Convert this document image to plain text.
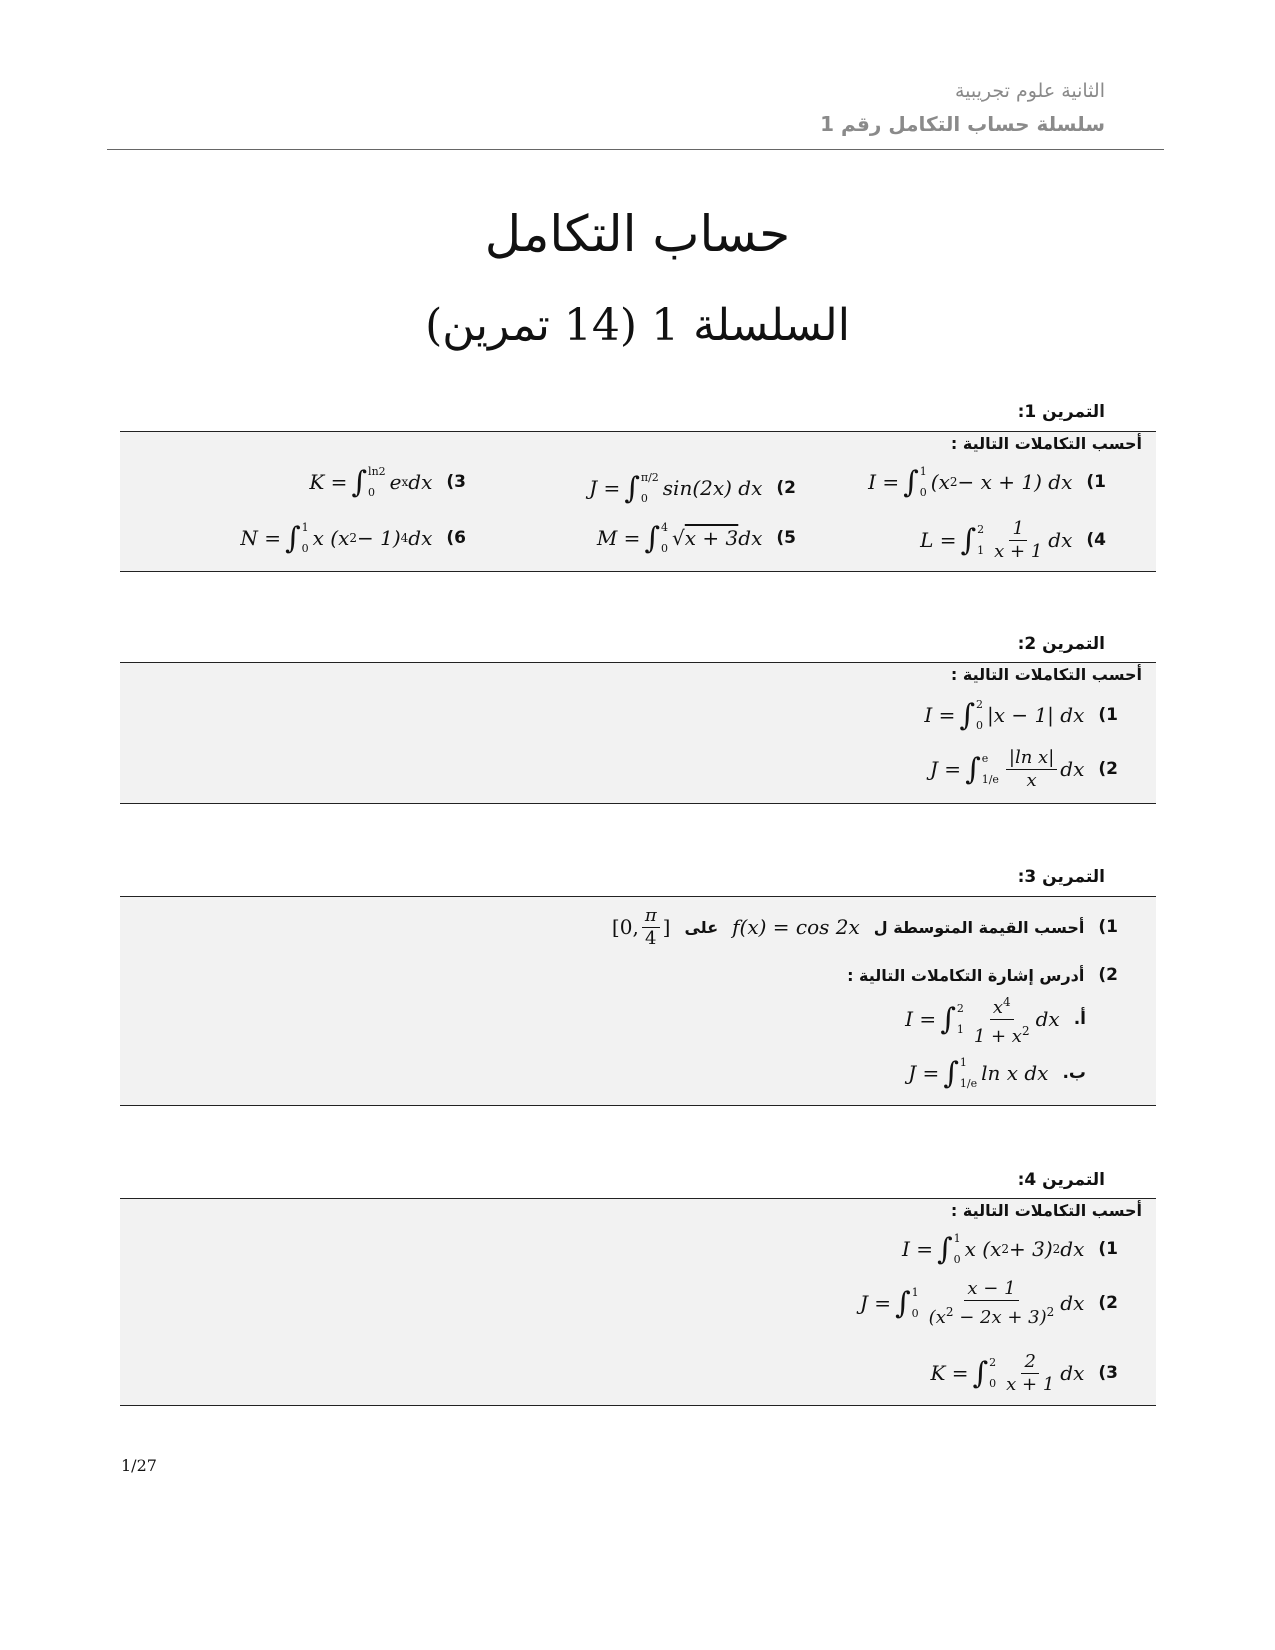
الثانية علوم تجريبية
سلسلة حساب التكامل رقم 1
حساب التكامل
السلسلة 1 (14 تمرين)
التمرين 1:
أحسب التكاملات التالية :
1)
I = ∫ 1
0 (x 2 − x + 1) dx
2)
J = ∫ π/2
0 sin(2x) dx
3)
K = ∫ ln2
0 e x dx
4)
L = ∫ 2
$1 \frac{1}{x + 1}$ dx
5)
M = ∫ 4
0 √ x + 3 dx
6)
N = ∫ 1
0 x (x 2 − 1) 4 dx
التمرين 2:
أحسب التكاملات التالية :
1)
I = ∫ 2
0 |x − 1| dx
2)
J = ∫ e
$1/e \frac{\text{|ln x|}}{x}$ dx
التمرين 3:
1)
أحسب القيمة المتوسطة ل
f(x) = cos 2x
على
[0, $\frac{\pi}{4}$ ]
2)
أدرس إشارة التكاملات التالية :
أ.
I = ∫ 2
$1 \frac{x^4}{1 + x^2}$ dx
ب.
J = ∫ 1
1/e ln x dx
التمرين 4:
أحسب التكاملات التالية :
1)
I = ∫ 1
0 x (x 2 + 3) 2 dx
2)
J = ∫ 1
$0 \frac{x - 1}{(x^2 - 2x + 3)^2}$ dx
3)
K = ∫ 2
$0 \frac{2}{x + 1}$ dx
1/27
